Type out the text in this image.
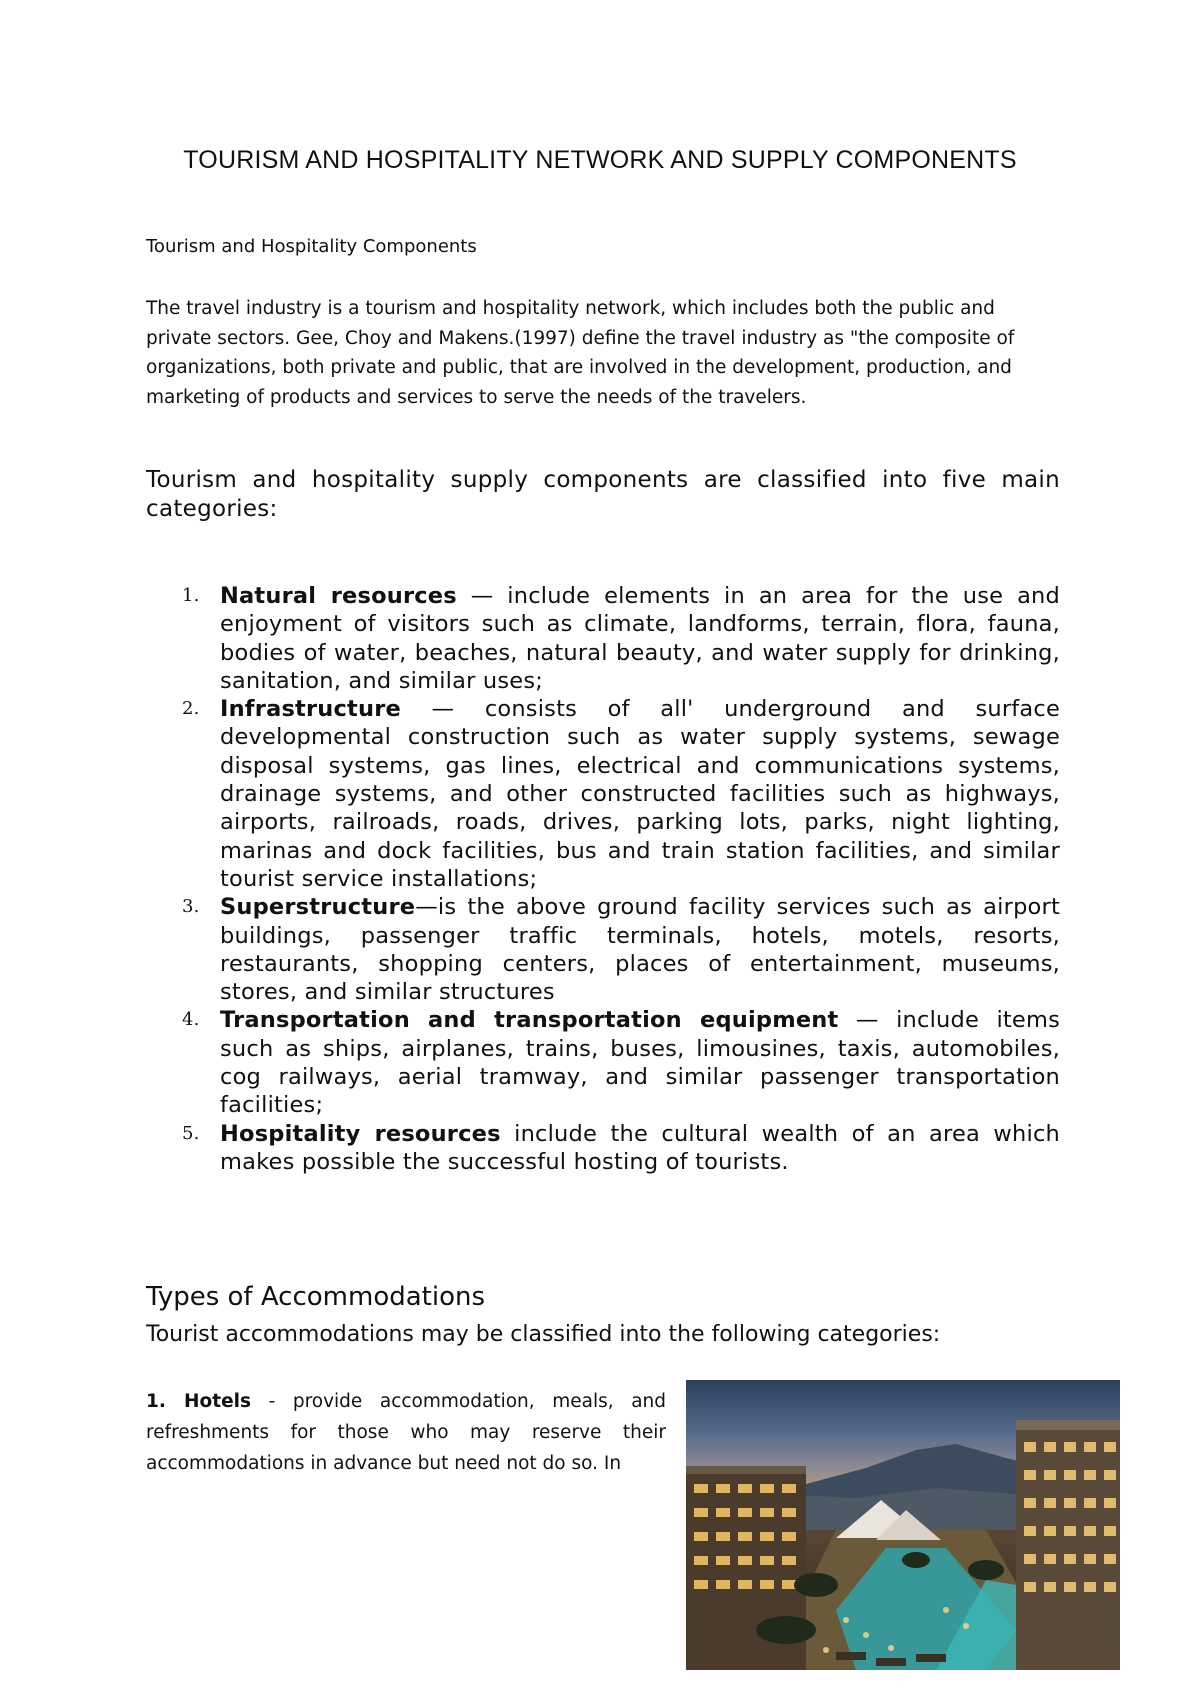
TOURISM AND HOSPITALITY NETWORK AND SUPPLY COMPONENTS
Tourism and Hospitality Components

The travel industry is a tourism and hospitality network, which includes both the public and private sectors. Gee, Choy and Makens.(1997) define the travel industry as "the composite of organizations, both private and public, that are involved in the development, production, and marketing of products and services to serve the needs of the travelers.

Tourism and hospitality supply components are classified into five main categories:

1. Natural resources — include elements in an area for the use and enjoyment of visitors such as climate, landforms, terrain, flora, fauna, bodies of water, beaches, natural beauty, and water supply for drinking, sanitation, and similar uses;
2. Infrastructure — consists of all' underground and surface developmental construction such as water supply systems, sewage disposal systems, gas lines, electrical and communications systems, drainage systems, and other constructed facilities such as highways, airports, railroads, roads, drives, parking lots, parks, night lighting, marinas and dock facilities, bus and train station facilities, and similar tourist service installations;
3. Superstructure—is the above ground facility services such as airport buildings, passenger traffic terminals, hotels, motels, resorts, restaurants, shopping centers, places of entertainment, museums, stores, and similar structures
4. Transportation and transportation equipment — include items such as ships, airplanes, trains, buses, limousines, taxis, automobiles, cog railways, aerial tramway, and similar passenger transportation facilities;
5. Hospitality resources include the cultural wealth of an area which makes possible the successful hosting of tourists.
Types of Accommodations

Tourist accommodations may be classified into the following categories:

1. Hotels - provide accommodation, meals, and refreshments for those who may reserve their accommodations in advance but need not do so. In
